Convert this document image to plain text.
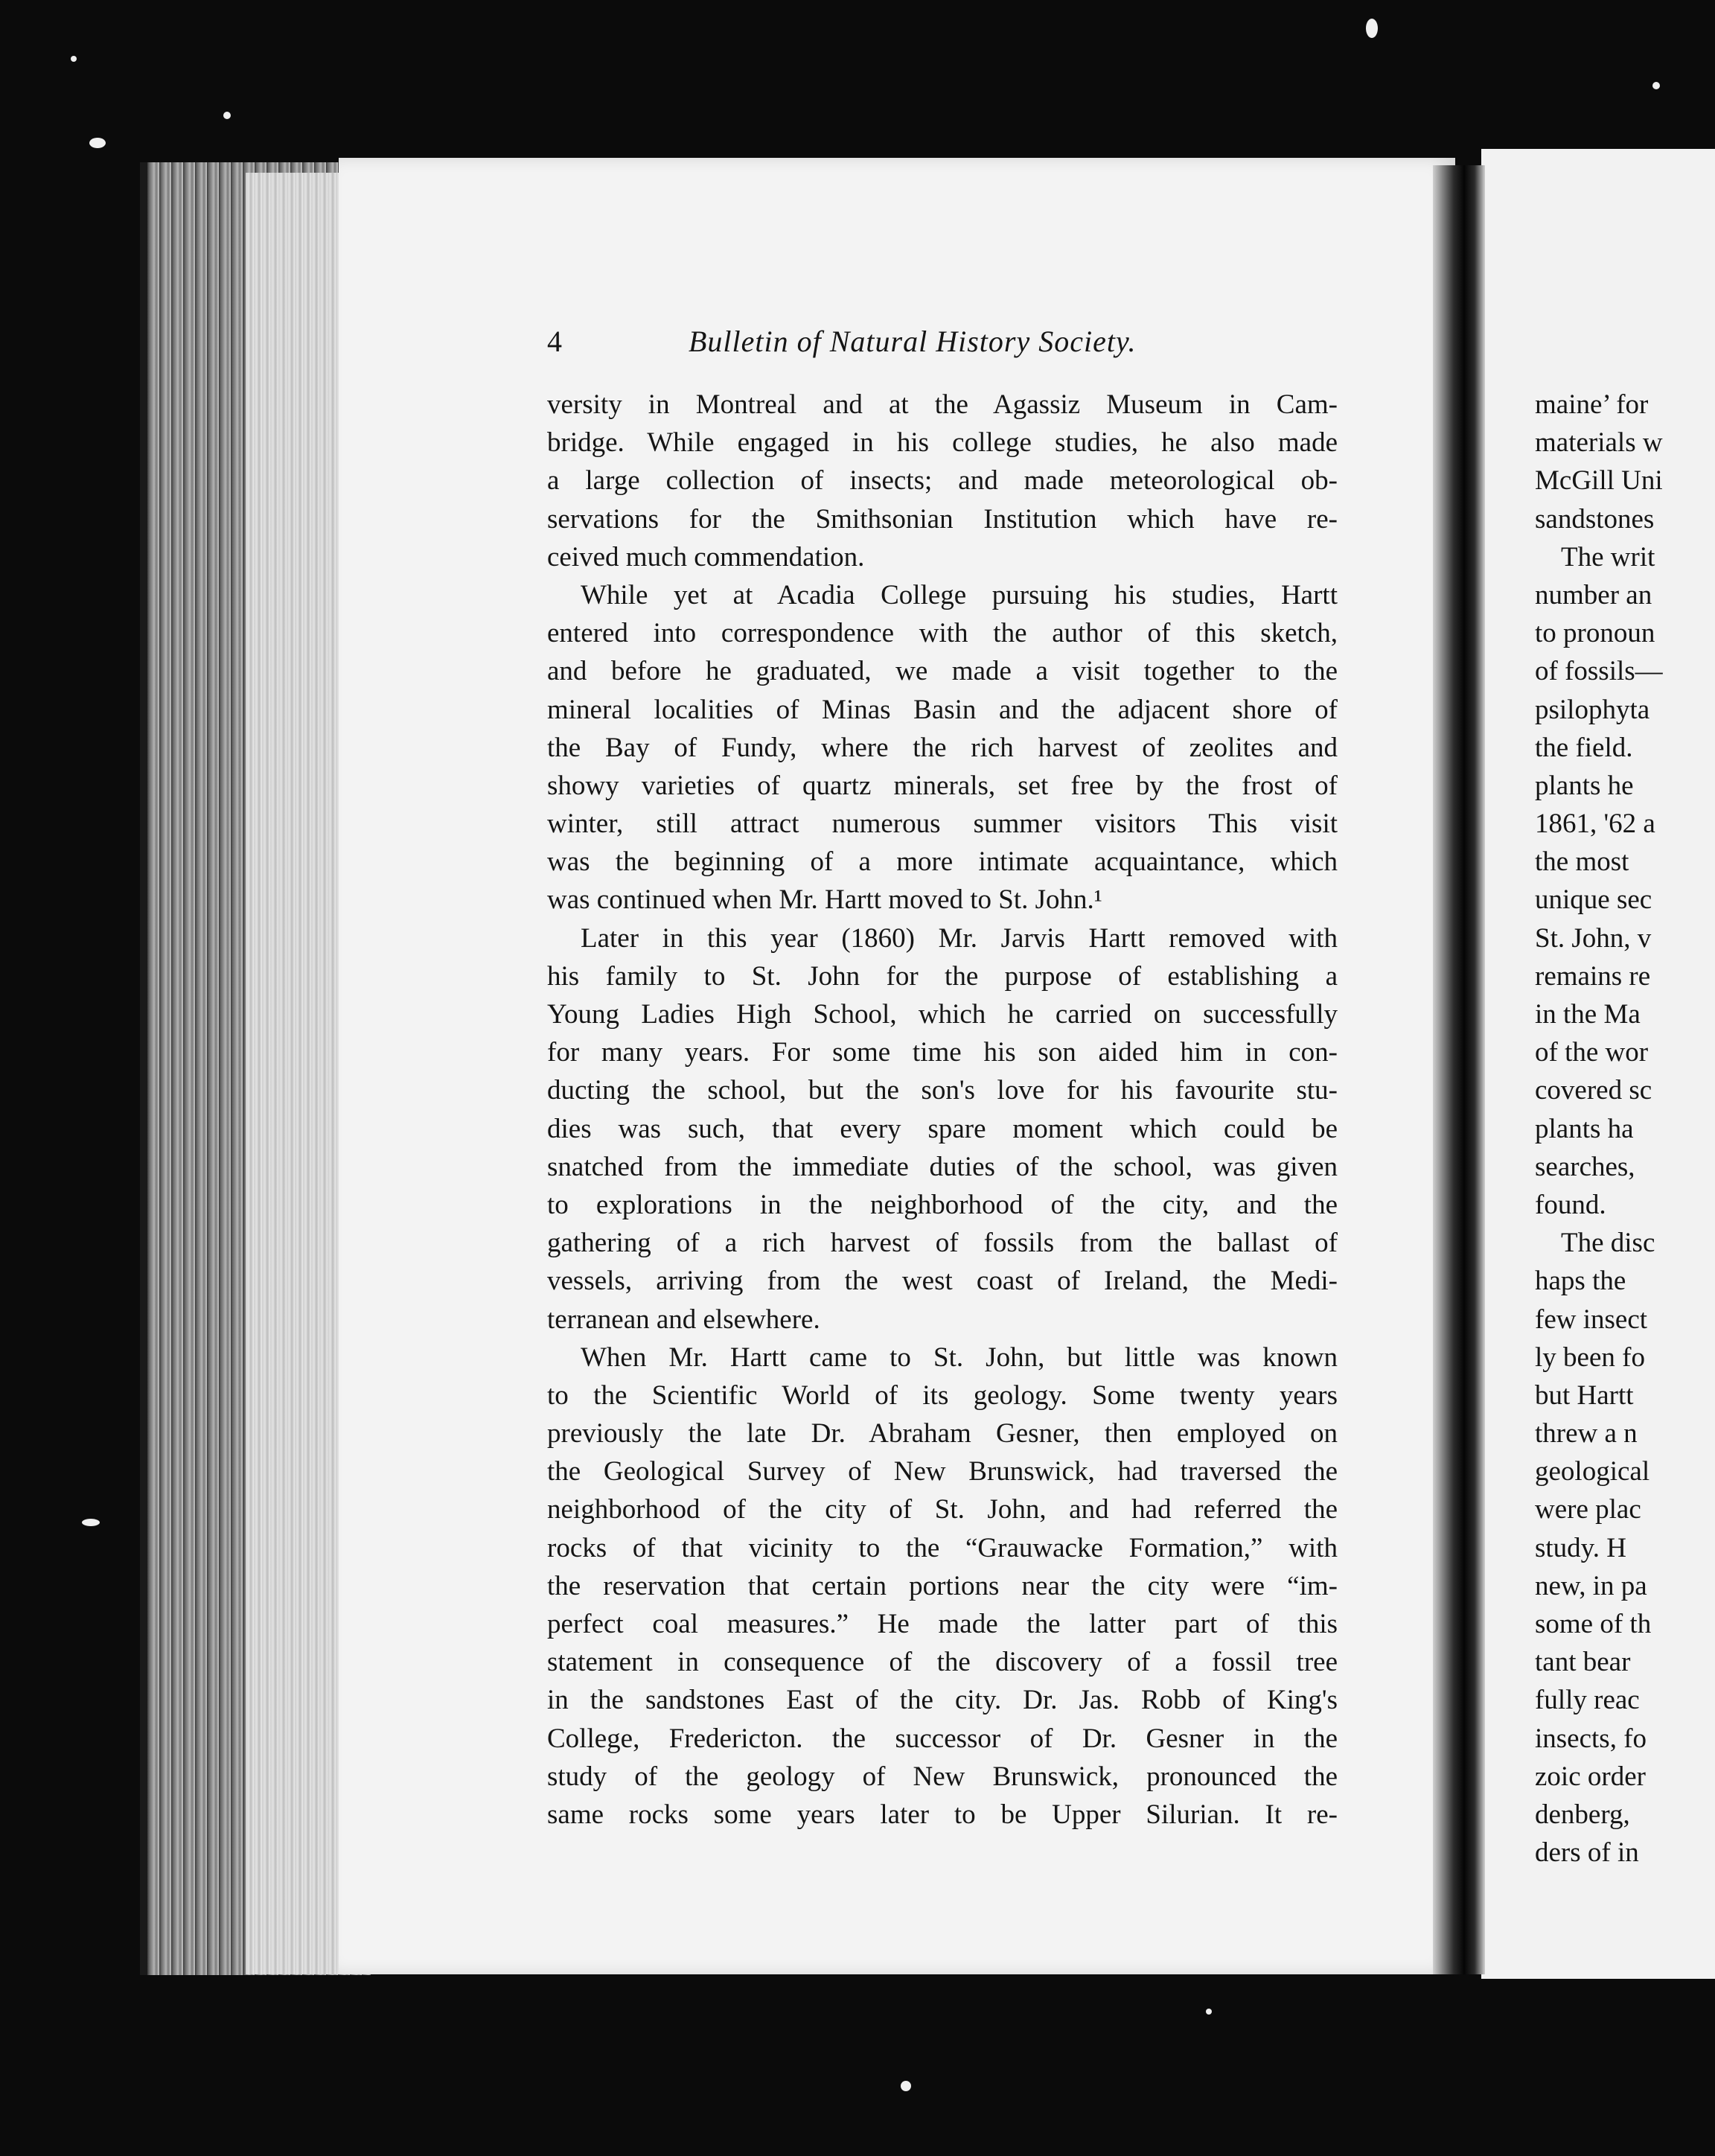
4	Bulletin of Natural History Society.
versity in Montreal and at the Agassiz Museum in Cam-
bridge. While engaged in his college studies, he also made
a large collection of insects; and made meteorological ob-
servations for the Smithsonian Institution which have re-
ceived much commendation.
While yet at Acadia College pursuing his studies, Hartt
entered into correspondence with the author of this sketch,
and before he graduated, we made a visit together to the
mineral localities of Minas Basin and the adjacent shore of
the Bay of Fundy, where the rich harvest of zeolites and
showy varieties of quartz minerals, set free by the frost of
winter, still attract numerous summer visitors This visit
was the beginning of a more intimate acquaintance, which
was continued when Mr. Hartt moved to St. John.¹
Later in this year (1860) Mr. Jarvis Hartt removed with
his family to St. John for the purpose of establishing a
Young Ladies High School, which he carried on successfully
for many years. For some time his son aided him in con-
ducting the school, but the son's love for his favourite stu-
dies was such, that every spare moment which could be
snatched from the immediate duties of the school, was given
to explorations in the neighborhood of the city, and the
gathering of a rich harvest of fossils from the ballast of
vessels, arriving from the west coast of Ireland, the Medi-
terranean and elsewhere.
When Mr. Hartt came to St. John, but little was known
to the Scientific World of its geology. Some twenty years
previously the late Dr. Abraham Gesner, then employed on
the Geological Survey of New Brunswick, had traversed the
neighborhood of the city of St. John, and had referred the
rocks of that vicinity to the “Grauwacke Formation,” with
the reservation that certain portions near the city were “im-
perfect coal measures.” He made the latter part of this
statement in consequence of the discovery of a fossil tree
in the sandstones East of the city. Dr. Jas. Robb of King's
College, Fredericton. the successor of Dr. Gesner in the
study of the geology of New Brunswick, pronounced the
same rocks some years later to be Upper Silurian. It re-
maine’ for
materials w
McGill Uni
sandstones
The writ
number an
to pronoun
of fossils—
psilophyta
the field.
plants he
1861, '62 a
the most
unique sec
St. John, v
remains re
in the Ma
of the wor
covered sc
plants ha
searches,
found.
The disc
haps the
few insect
ly been fo
but Hartt
threw a n
geological
were plac
study. H
new, in pa
some of th
tant bear
fully reac
insects, fo
zoic order
denberg,
ders of in
